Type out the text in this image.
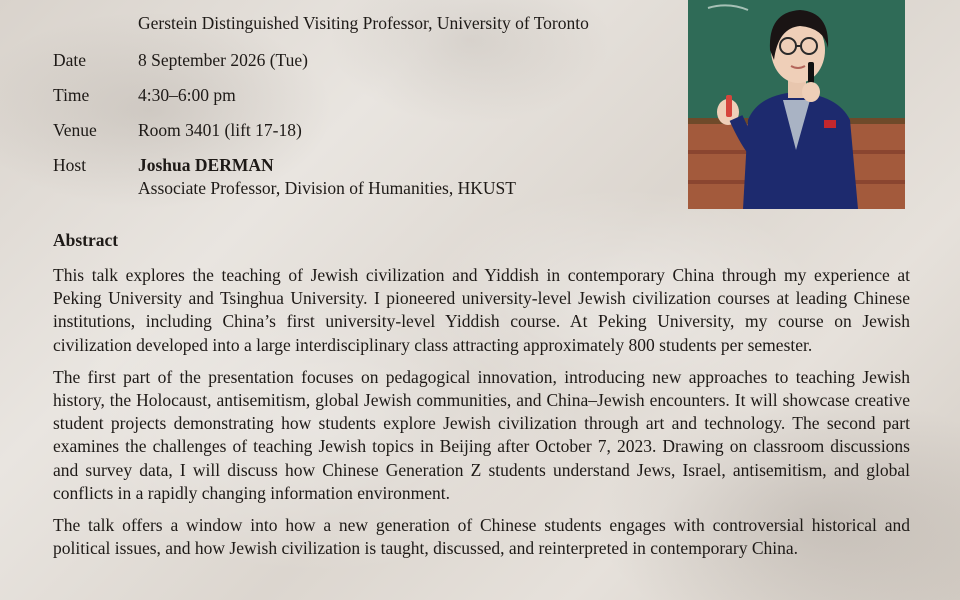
Gerstein Distinguished Visiting Professor, University of Toronto

Date	8 September 2026 (Tue)
Time	4:30–6:00 pm
Venue	Room 3401 (lift 17-18)
Host	Joshua DERMAN
Associate Professor, Division of Humanities, HKUST
Abstract

This talk explores the teaching of Jewish civilization and Yiddish in contemporary China through my experience at Peking University and Tsinghua University. I pioneered university-level Jewish civilization courses at leading Chinese institutions, including China’s first university-level Yiddish course. At Peking University, my course on Jewish civilization developed into a large interdisciplinary class attracting approximately 800 students per semester.

The first part of the presentation focuses on pedagogical innovation, introducing new approaches to teaching Jewish history, the Holocaust, antisemitism, global Jewish communities, and China–Jewish encounters. It will showcase creative student projects demonstrating how students explore Jewish civilization through art and technology. The second part examines the challenges of teaching Jewish topics in Beijing after October 7, 2023. Drawing on classroom discussions and survey data, I will discuss how Chinese Generation Z students understand Jews, Israel, antisemitism, and global conflicts in a rapidly changing information environment.

The talk offers a window into how a new generation of Chinese students engages with controversial historical and political issues, and how Jewish civilization is taught, discussed, and reinterpreted in contemporary China.
